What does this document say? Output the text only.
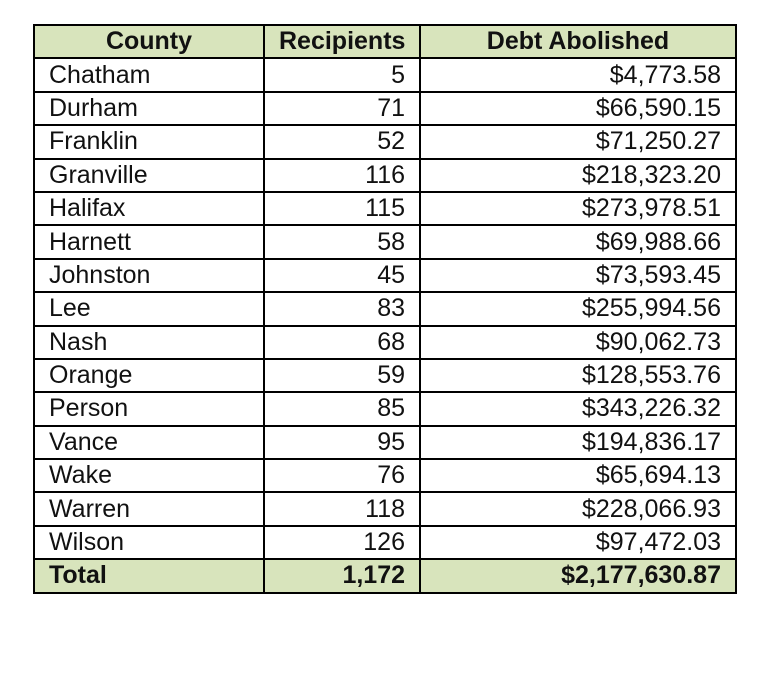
County	Recipients	Debt Abolished
Chatham	5	$4,773.58
Durham	71	$66,590.15
Franklin	52	$71,250.27
Granville	116	$218,323.20
Halifax	115	$273,978.51
Harnett	58	$69,988.66
Johnston	45	$73,593.45
Lee	83	$255,994.56
Nash	68	$90,062.73
Orange	59	$128,553.76
Person	85	$343,226.32
Vance	95	$194,836.17
Wake	76	$65,694.13
Warren	118	$228,066.93
Wilson	126	$97,472.03
Total	1,172	$2,177,630.87
